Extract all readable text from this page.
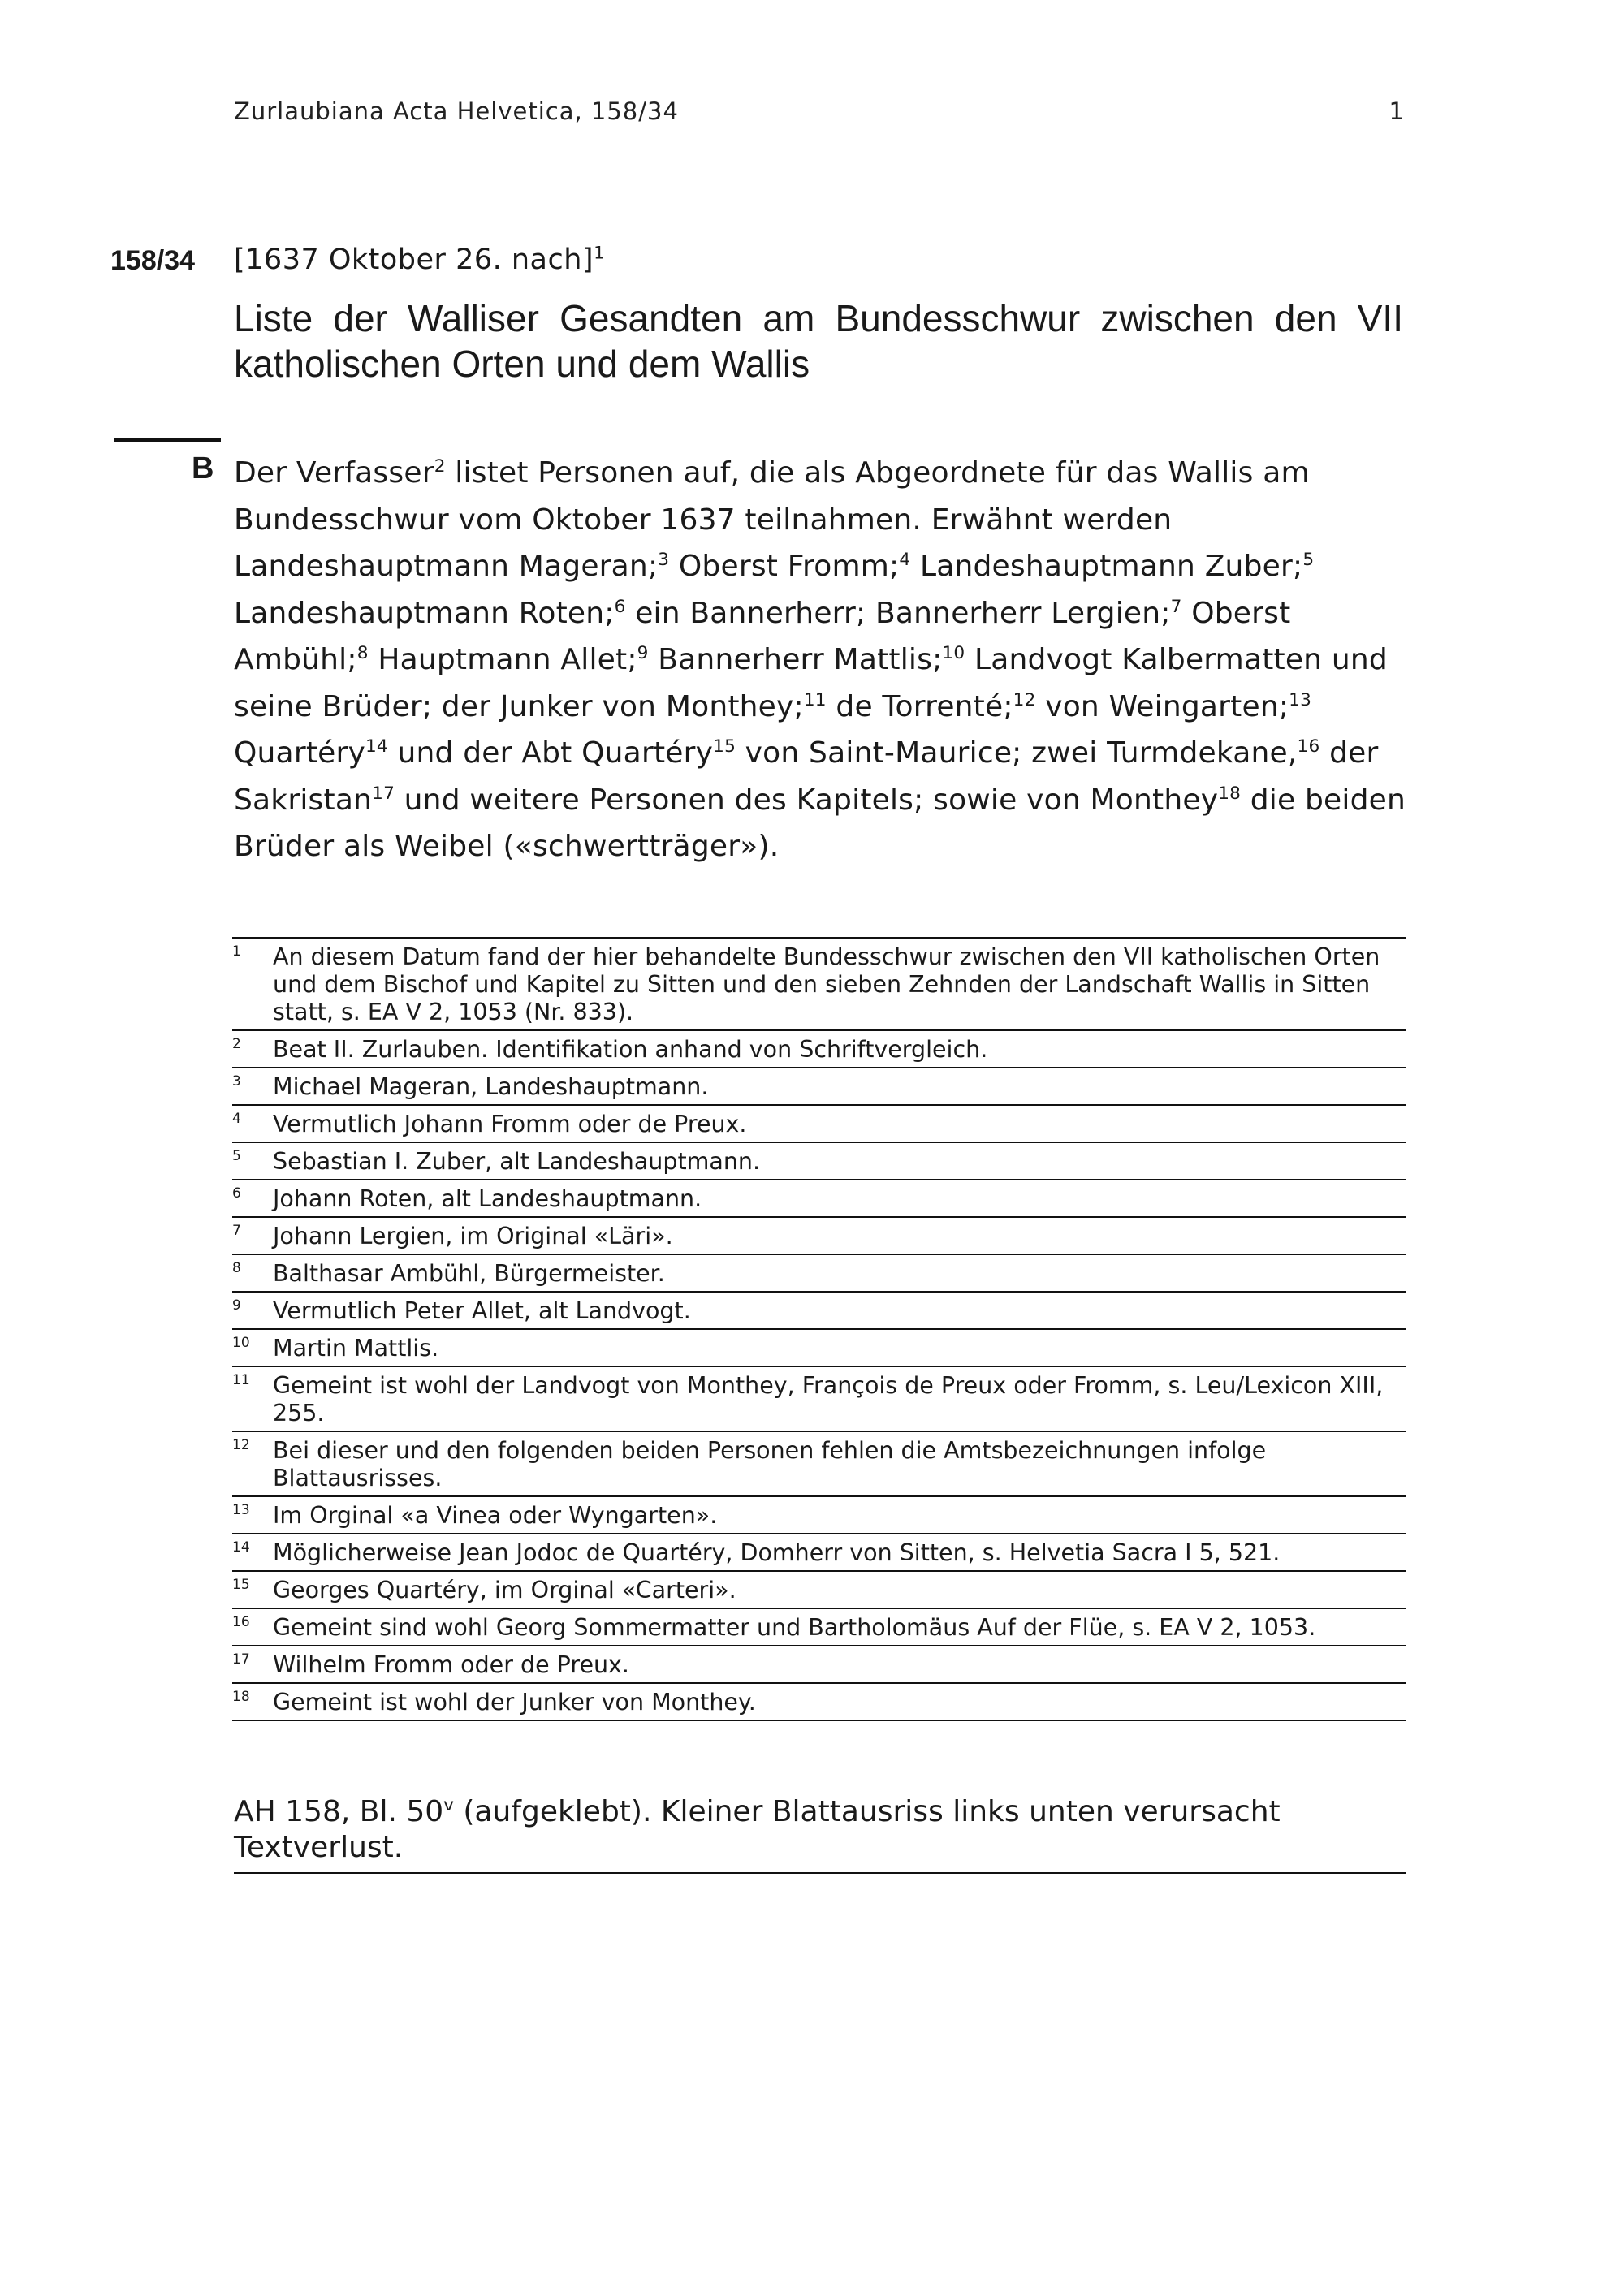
Zurlaubiana Acta Helvetica, 158/34	1
158/34 [1637 Oktober 26. nach]$^1$
Liste der Walliser Gesandten am Bundesschwur zwischen den VII katholischen Orten und dem Wallis
B Der Verfasser$^2$ listet Personen auf, die als Abgeordnete für das Wallis am Bundesschwur vom Oktober 1637 teilnahmen. Erwähnt werden Landeshauptmann Mageran;$^3$ Oberst Fromm;$^4$ Landeshauptmann Zuber;$^5$ Landeshauptmann Roten;$^6$ ein Bannerherr; Bannerherr Lergien;$^7$ Oberst Ambühl;$^8$ Hauptmann Allet;$^9$ Bannerherr Mattlis;$^{10}$ Landvogt Kalbermatten und seine Brüder; der Junker von Monthey;$^{11}$ de Torrenté;$^{12}$ von Weingarten;$^{13}$ Quartéry$^{14}$ und der Abt Quartéry$^{15}$ von Saint-Maurice; zwei Turmdekane,$^{16}$ der Sakristan$^{17}$ und weitere Personen des Kapitels; sowie von Monthey$^{18}$ die beiden Brüder als Weibel («schwertträger»).
1	An diesem Datum fand der hier behandelte Bundesschwur zwischen den VII katholischen Orten und dem Bischof und Kapitel zu Sitten und den sieben Zehnden der Landschaft Wallis in Sitten statt, s. EA V 2, 1053 (Nr. 833).
2	Beat II. Zurlauben. Identifikation anhand von Schriftvergleich.
3	Michael Mageran, Landeshauptmann.
4	Vermutlich Johann Fromm oder de Preux.
5	Sebastian I. Zuber, alt Landeshauptmann.
6	Johann Roten, alt Landeshauptmann.
7	Johann Lergien, im Original «Läri».
8	Balthasar Ambühl, Bürgermeister.
9	Vermutlich Peter Allet, alt Landvogt.
10 Martin Mattlis.
11 Gemeint ist wohl der Landvogt von Monthey, François de Preux oder Fromm, s. Leu/Lexicon XIII, 255.
12 Bei dieser und den folgenden beiden Personen fehlen die Amtsbezeichnungen infolge Blattausrisses.
13 Im Orginal «a Vinea oder Wyngarten».
14 Möglicherweise Jean Jodoc de Quartéry, Domherr von Sitten, s. Helvetia Sacra I 5, 521.
15 Georges Quartéry, im Orginal «Carteri».
16 Gemeint sind wohl Georg Sommermatter und Bartholomäus Auf der Flüe, s. EA V 2, 1053.
17 Wilhelm Fromm oder de Preux.
18 Gemeint ist wohl der Junker von Monthey.
AH 158, Bl. 50$^v$ (aufgeklebt). Kleiner Blattausriss links unten verursacht Textverlust.
